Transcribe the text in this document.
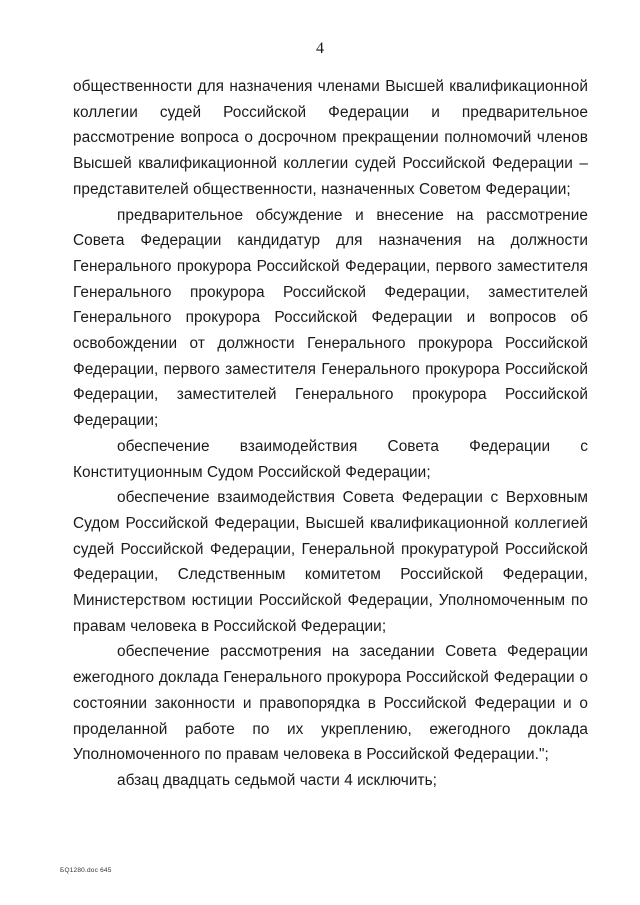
4

общественности для назначения членами Высшей квалификационной коллегии судей Российской Федерации и предварительное рассмотрение вопроса о досрочном прекращении полномочий членов Высшей квалификационной коллегии судей Российской Федерации – представителей общественности, назначенных Советом Федерации;

предварительное обсуждение и внесение на рассмотрение Совета Федерации кандидатур для назначения на должности Генерального прокурора Российской Федерации, первого заместителя Генерального прокурора Российской Федерации, заместителей Генерального прокурора Российской Федерации и вопросов об освобождении от должности Генерального прокурора Российской Федерации, первого заместителя Генерального прокурора Российской Федерации, заместителей Генерального прокурора Российской Федерации;

обеспечение взаимодействия Совета Федерации с Конституционным Судом Российской Федерации;

обеспечение взаимодействия Совета Федерации с Верховным Судом Российской Федерации, Высшей квалификационной коллегией судей Российской Федерации, Генеральной прокуратурой Российской Федерации, Следственным комитетом Российской Федерации, Министерством юстиции Российской Федерации, Уполномоченным по правам человека в Российской Федерации;

обеспечение рассмотрения на заседании Совета Федерации ежегодного доклада Генерального прокурора Российской Федерации о состоянии законности и правопорядка в Российской Федерации и о проделанной работе по их укреплению, ежегодного доклада Уполномоченного по правам человека в Российской Федерации.";

абзац двадцать седьмой части 4 исключить;

БQ1280.doc 645
